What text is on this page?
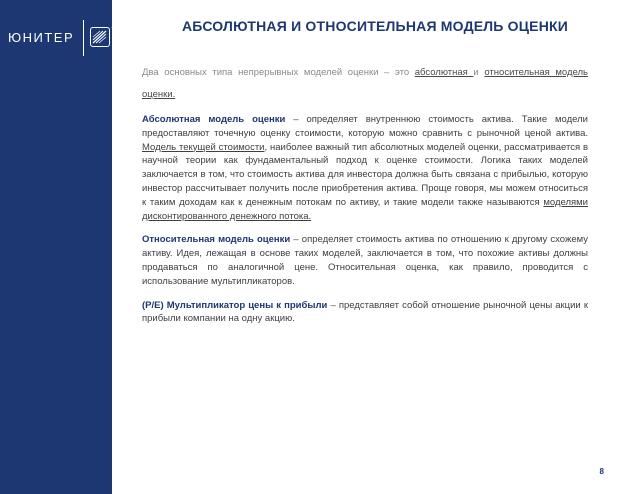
ЮНИТЕР
TM	АБСОЛЮТНАЯ И ОТНОСИТЕЛЬНАЯ МОДЕЛЬ ОЦЕНКИ

Два основных типа непрерывных моделей оценки – это абсолютная и относительная модель оценки.

Абсолютная модель оценки – определяет внутреннюю стоимость актива. Такие модели предоставляют точечную оценку стоимости, которую можно сравнить с рыночной ценой актива. Модель текущей стоимости, наиболее важный тип абсолютных моделей оценки, рассматривается в научной теории как фундаментальный подход к оценке стоимости. Логика таких моделей заключается в том, что стоимость актива для инвестора должна быть связана с прибылью, которую инвестор рассчитывает получить после приобретения актива. Проще говоря, мы можем относиться к таким доходам как к денежным потокам по активу, и такие модели также называются моделями дисконтированного денежного потока.

Относительная модель оценки – определяет стоимость актива по отношению к другому схожему активу. Идея, лежащая в основе таких моделей, заключается в том, что похожие активы должны продаваться по аналогичной цене. Относительная оценка, как правило, проводится с использование мультипликаторов.

(P/E) Мультипликатор цены к прибыли – представляет собой отношение рыночной цены акции к прибыли компании на одну акцию.

8
